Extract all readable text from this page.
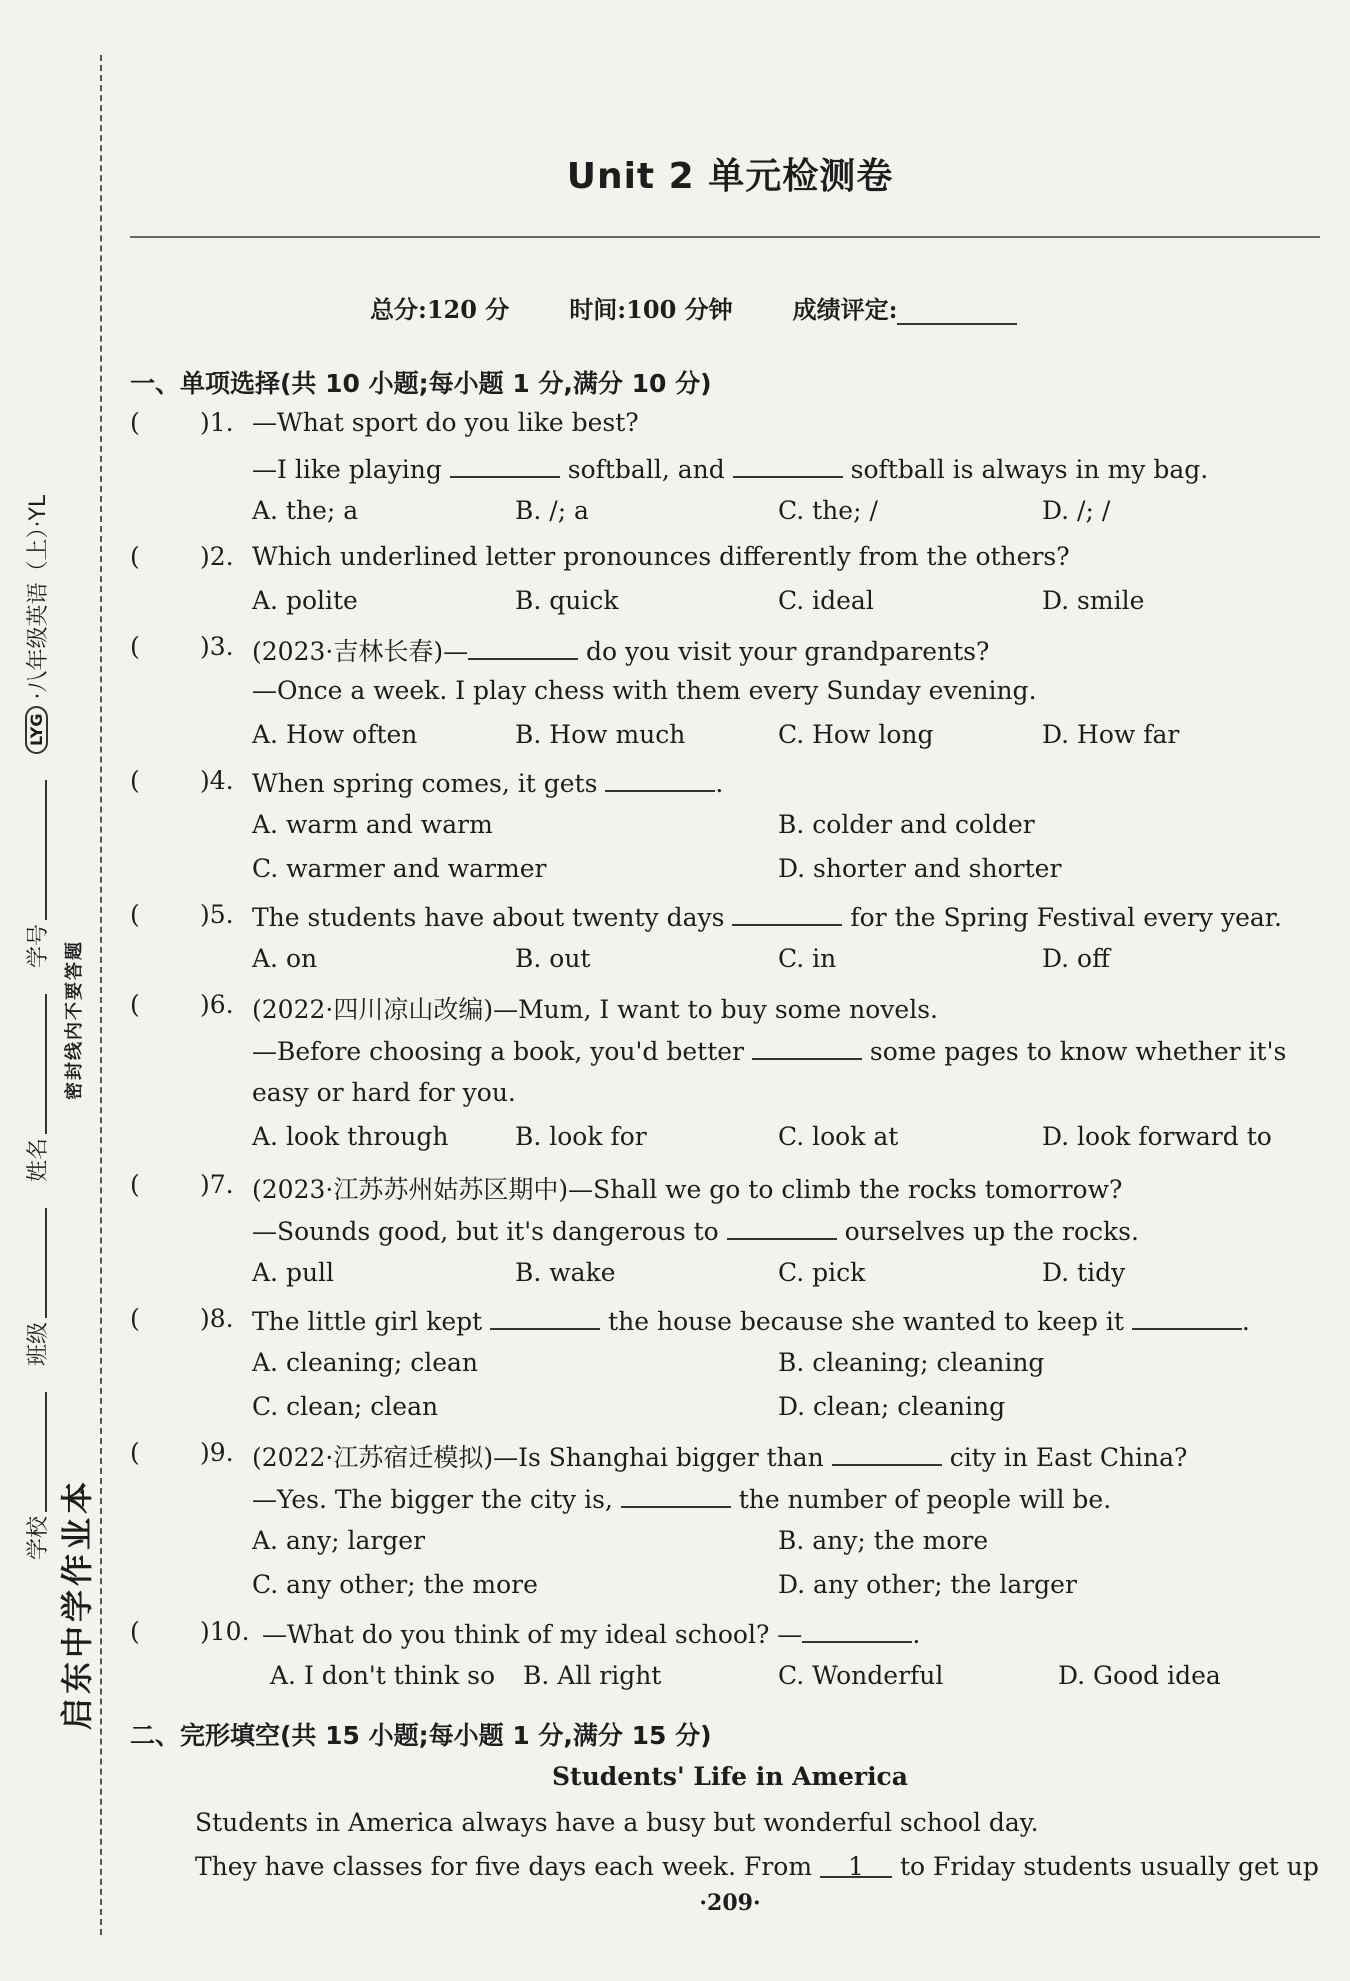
启东中学作业本
密封线内不要答题
学校
班级
姓名
学号
LYG
·八年级英语（上）·YL
Unit 2 单元检测卷
总分:120 分	时间:100 分钟	成绩评定:
一、单项选择(共 10 小题;每小题 1 分,满分 10 分)
( )1. —What sport do you like best?
—I like playing	softball, and	softball is always in my bag.
A. the; a	B. /; a	C. the; /	D. /; /
( )2. Which underlined letter pronounces differently from the others?
A. polite	B. quick	C. ideal	D. smile
( )3. (2023·吉林长春)—	do you visit your grandparents?
—Once a week. I play chess with them every Sunday evening.
A. How often	B. How much	C. How long	D. How far
( )4. When spring comes, it gets	.
A. warm and warm	B. colder and colder
C. warmer and warmer	D. shorter and shorter
( )5. The students have about twenty days	for the Spring Festival every year.
A. on	B. out	C. in	D. off
( )6. (2022·四川凉山改编)—Mum, I want to buy some novels.
—Before choosing a book, you'd better	some pages to know whether it's
easy or hard for you.
A. look through	B. look for	C. look at	D. look forward to
( )7. (2023·江苏苏州姑苏区期中)—Shall we go to climb the rocks tomorrow?
—Sounds good, but it's dangerous to	ourselves up the rocks.
A. pull	B. wake	C. pick	D. tidy
( )8. The little girl kept	the house because she wanted to keep it	.
A. cleaning; clean	B. cleaning; cleaning
C. clean; clean	D. clean; cleaning
( )9. (2022·江苏宿迁模拟)—Is Shanghai bigger than	city in East China?
—Yes. The bigger the city is,	the number of people will be.
A. any; larger	B. any; the more
C. any other; the more	D. any other; the larger
( )10. —What do you think of my ideal school? —	.
A. I don't think so B. All right	C. Wonderful	D. Good idea
二、完形填空(共 15 小题;每小题 1 分,满分 15 分)
Students' Life in America
Students in America always have a busy but wonderful school day.
They have classes for five days each week. From 1 to Friday students usually get up
·209·
